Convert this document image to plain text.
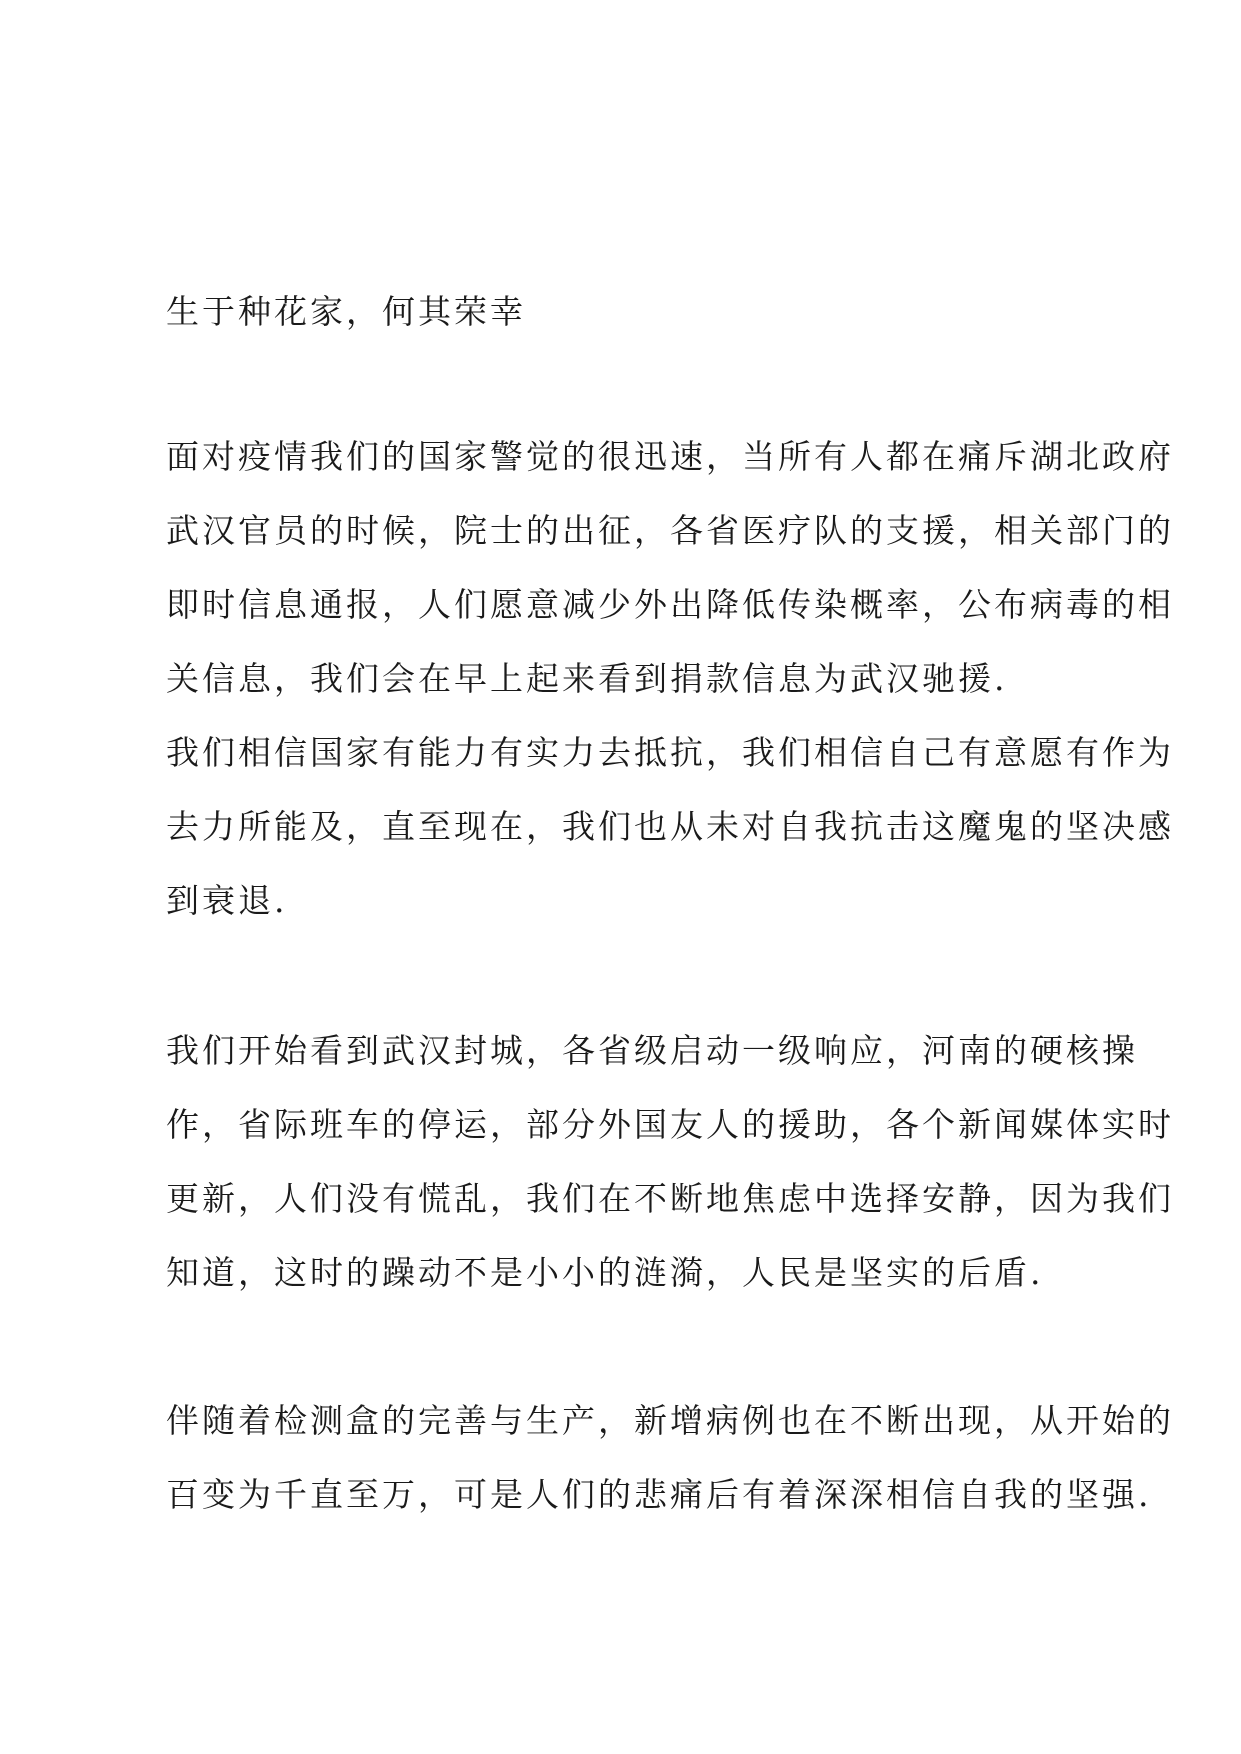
生于种花家，何其荣幸

面对疫情我们的国家警觉的很迅速，当所有人都在痛斥湖北政府
武汉官员的时候，院士的出征，各省医疗队的支援，相关部门的
即时信息通报，人们愿意减少外出降低传染概率，公布病毒的相
关信息，我们会在早上起来看到捐款信息为武汉驰援.

我们相信国家有能力有实力去抵抗，我们相信自己有意愿有作为
去力所能及，直至现在，我们也从未对自我抗击这魔鬼的坚决感
到衰退.

我们开始看到武汉封城，各省级启动一级响应，河南的硬核操
作，省际班车的停运，部分外国友人的援助，各个新闻媒体实时
更新，人们没有慌乱，我们在不断地焦虑中选择安静，因为我们
知道，这时的躁动不是小小的涟漪，人民是坚实的后盾.

伴随着检测盒的完善与生产，新增病例也在不断出现，从开始的
百变为千直至万，可是人们的悲痛后有着深深相信自我的坚强.
